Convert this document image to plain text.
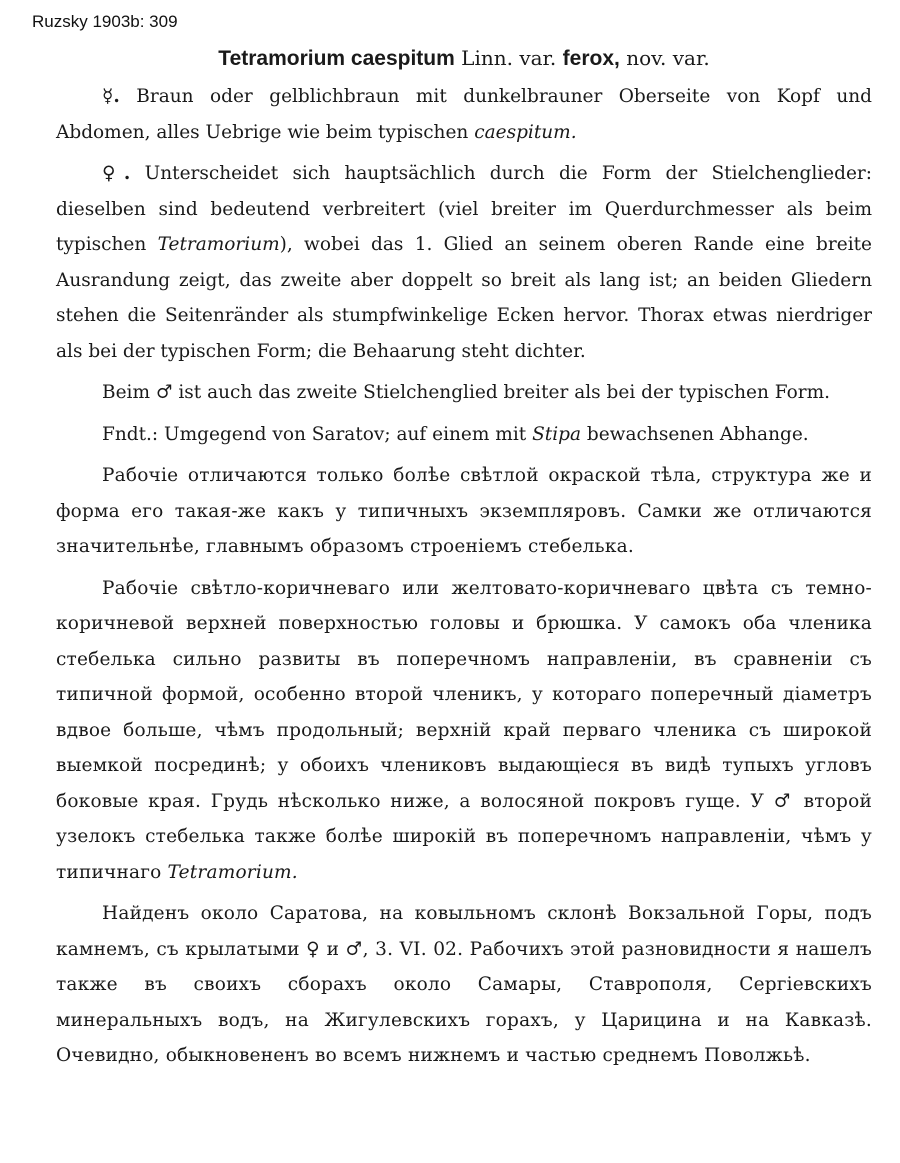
Ruzsky 1903b: 309
Tetramorium caespitum Linn. var. ferox, nov. var.

☿. Braun oder gelblichbraun mit dunkelbrauner Oberseite von Kopf und Abdomen, alles Uebrige wie beim typischen caespitum.

♀. Unterscheidet sich hauptsächlich durch die Form der Stielchenglieder: dieselben sind bedeutend verbreitert (viel breiter im Querdurchmesser als beim typischen Tetramorium), wobei das 1. Glied an seinem oberen Rande eine breite Ausrandung zeigt, das zweite aber doppelt so breit als lang ist; an beiden Gliedern stehen die Seitenränder als stumpfwinkelige Ecken hervor. Thorax etwas nierdriger als bei der typischen Form; die Behaarung steht dichter.

Beim ♂ ist auch das zweite Stielchenglied breiter als bei der typischen Form.

Fndt.: Umgegend von Saratov; auf einem mit Stipa bewachsenen Abhange.

Рабочіе отличаются только болѣе свѣтлой окраской тѣла, структура же и форма его такая-же какъ у типичныхъ экземпляровъ. Самки же отличаются значительнѣе, главнымъ образомъ строеніемъ стебелька.

Рабочіе свѣтло-коричневаго или желтовато-коричневаго цвѣта съ темно-коричневой верхней поверхностью головы и брюшка. У самокъ оба членика стебелька сильно развиты въ поперечномъ направленіи, въ сравненіи съ типичной формой, особенно второй членикъ, у котораго поперечный діаметръ вдвое больше, чѣмъ продольный; верхній край перваго членика съ широкой выемкой посрединѣ; у обоихъ члениковъ выдающіеся въ видѣ тупыхъ угловъ боковые края. Грудь нѣсколько ниже, а волосяной покровъ гуще. У ♂ второй узелокъ стебелька также болѣе широкій въ поперечномъ направленіи, чѣмъ у типичнаго Tetramorium.

Найденъ около Саратова, на ковыльномъ склонѣ Вокзальной Горы, подъ камнемъ, съ крылатыми ♀ и ♂, 3. VI. 02. Рабочихъ этой разновидности я нашелъ также въ своихъ сборахъ около Самары, Ставрополя, Сергіевскихъ минеральныхъ водъ, на Жигулевскихъ горахъ, у Царицина и на Кавказѣ. Очевидно, обыкновененъ во всемъ нижнемъ и частью среднемъ Поволжьѣ.
